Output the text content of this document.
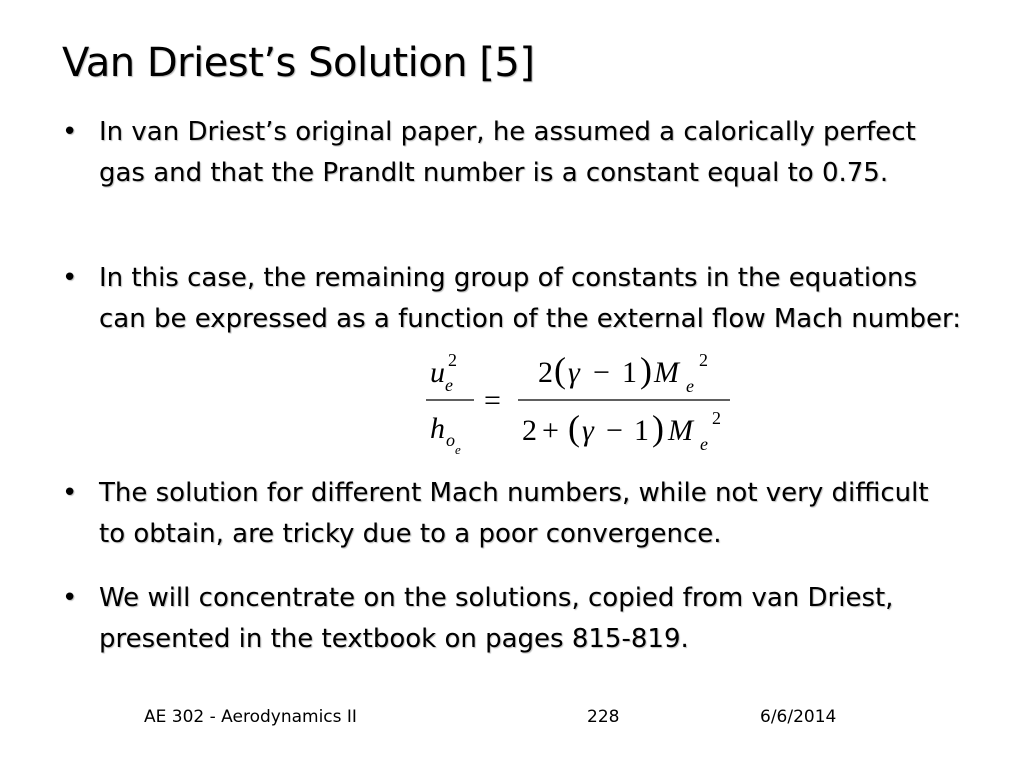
Van Driest’s Solution [5]
• In van Driest’s original paper, he assumed a calorically perfect gas and that the Prandlt number is a constant equal to 0.75.
• In this case, the remaining group of constants in the equations can be expressed as a function of the external flow Mach number:
u e
2
h o e
=
2 ( γ − 1 ) M e
2
2 + ( γ − 1 ) M e
2
• The solution for different Mach numbers, while not very difficult to obtain, are tricky due to a poor convergence.
• We will concentrate on the solutions, copied from van Driest, presented in the textbook on pages 815-819.
AE 302 - Aerodynamics II	228	6/6/2014
